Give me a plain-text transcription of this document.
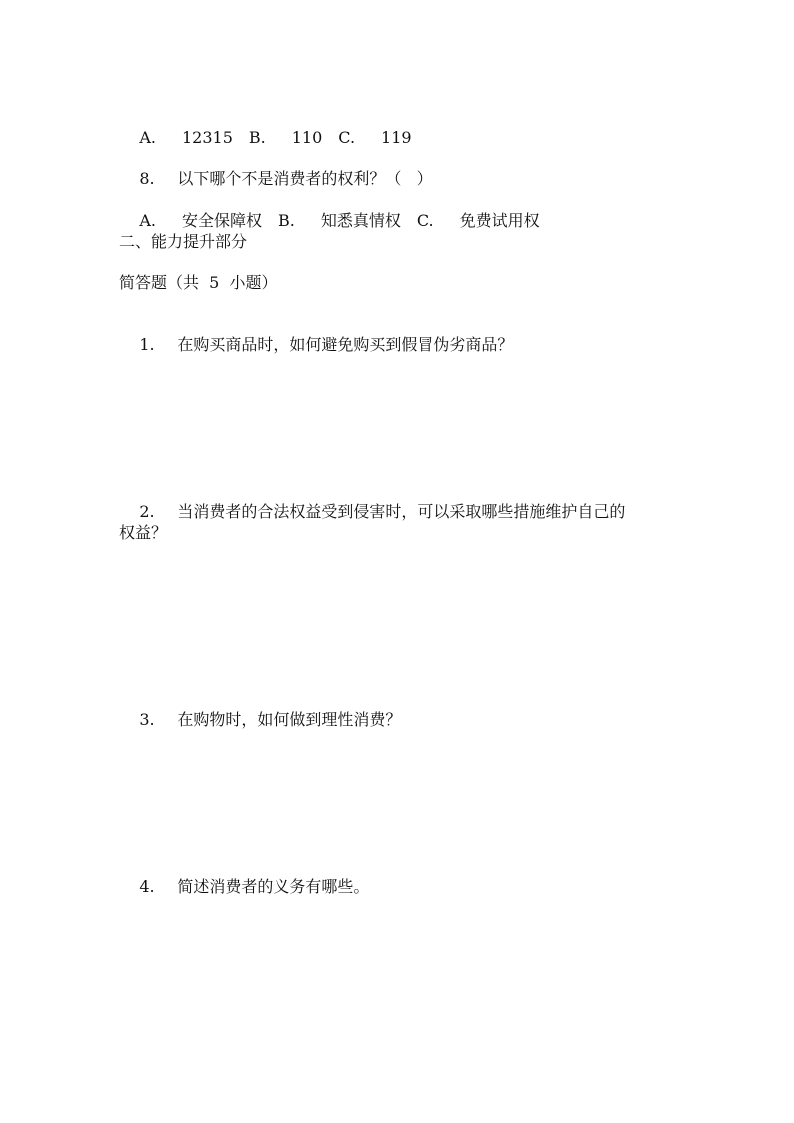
A. 12315 B. 110 C. 119

8. 以下哪个不是消费者的权利？（   ）

A. 安全保障权 B. 知悉真情权 C. 免费试用权

二、能力提升部分
简答题（共  5  小题）

1. 在购买商品时，如何避免购买到假冒伪劣商品？

2. 当消费者的合法权益受到侵害时，可以采取哪些措施维护自己的

权益？

3. 在购物时，如何做到理性消费？

4. 简述消费者的义务有哪些。
